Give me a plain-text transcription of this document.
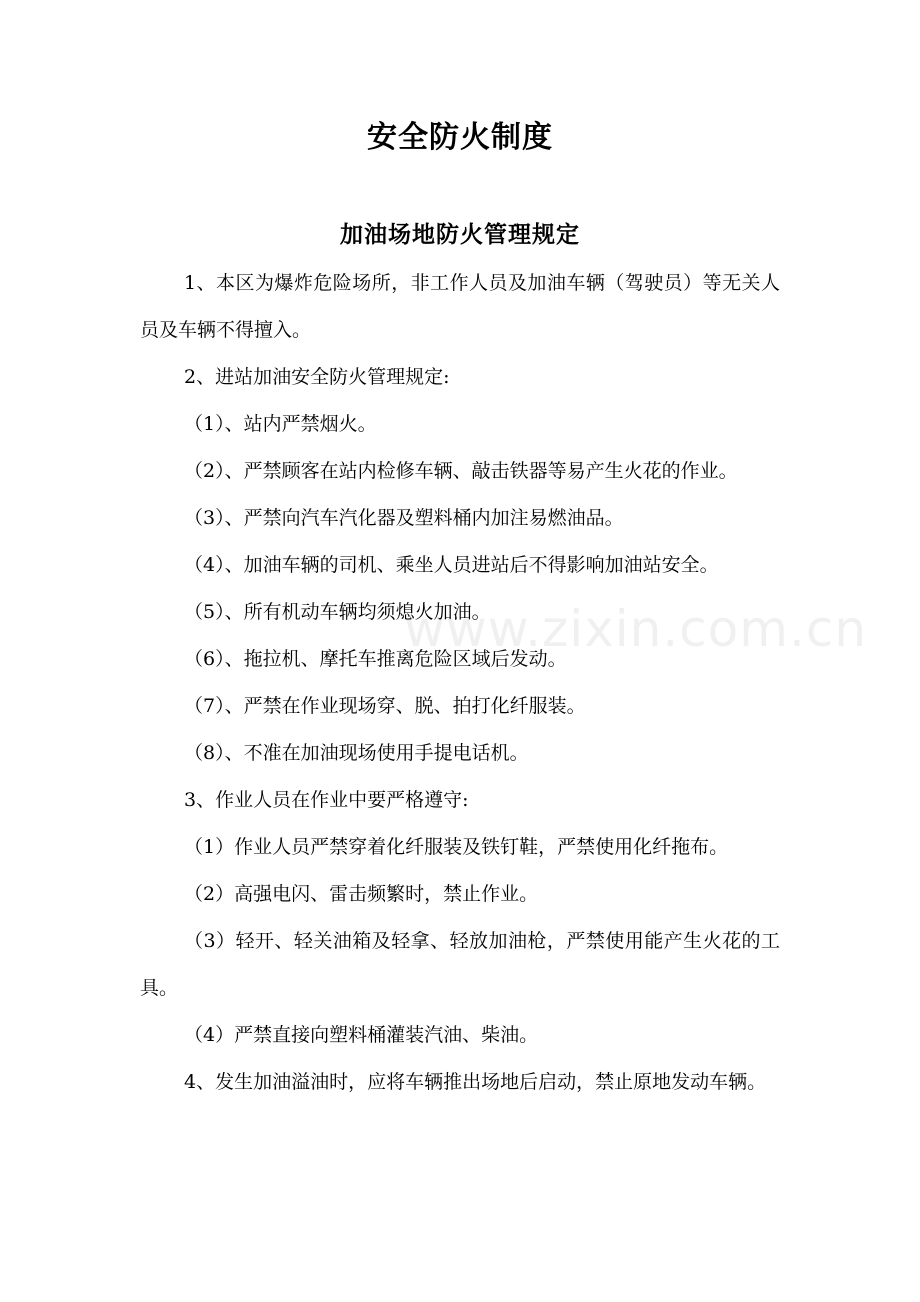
www.zixin.com.cn
安全防火制度
加油场地防火管理规定

1、本区为爆炸危险场所，非工作人员及加油车辆（驾驶员）等无关人员及车辆不得擅入。

2、进站加油安全防火管理规定:

（1）、站内严禁烟火。

（2）、严禁顾客在站内检修车辆、敲击铁器等易产生火花的作业。

（3）、严禁向汽车汽化器及塑料桶内加注易燃油品。

（4）、加油车辆的司机、乘坐人员进站后不得影响加油站安全。

（5）、所有机动车辆均须熄火加油。

（6）、拖拉机、摩托车推离危险区域后发动。

（7）、严禁在作业现场穿、脱、拍打化纤服装。

（8）、不准在加油现场使用手提电话机。

3、作业人员在作业中要严格遵守:

（1）作业人员严禁穿着化纤服装及铁钉鞋，严禁使用化纤拖布。

（2）高强电闪、雷击频繁时，禁止作业。

（3）轻开、轻关油箱及轻拿、轻放加油枪，严禁使用能产生火花的工具。

（4）严禁直接向塑料桶灌装汽油、柴油。

4、发生加油溢油时，应将车辆推出场地后启动，禁止原地发动车辆。
